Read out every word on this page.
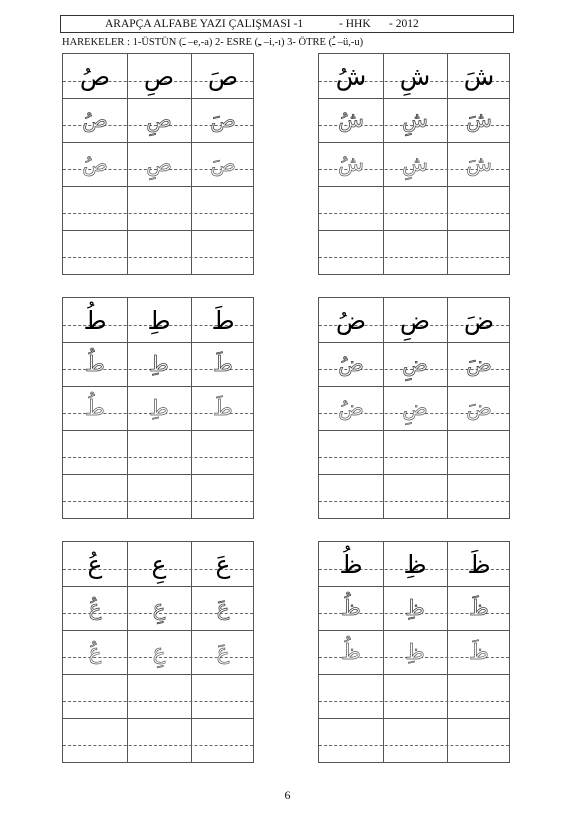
ARAPÇA ALFABE YAZI ÇALIŞMASI -1	- HHK - 2012
HAREKELER : 1-ÜSTÜN (ـَ –e,-a) 2- ESRE (ـِ –i,-ı) 3- ÖTRE (ـُ –ü,-u)
صُ	صِ	صَ
صُ	صِ	صَ
صُ	صِ	صَ
شُ	شِ	شَ
شُ	شِ	شَ
شُ	شِ	شَ
طُ	طِ	طَ
طُ	طِ	طَ
طُ	طِ	طَ
ضُ	ضِ	ضَ
ضُ	ضِ	ضَ
ضُ	ضِ	ضَ
عُ	عِ	عَ
عُ	عِ	عَ
عُ	عِ	عَ
ظُ	ظِ	ظَ
ظُ	ظِ	ظَ
ظُ	ظِ	ظَ
6
